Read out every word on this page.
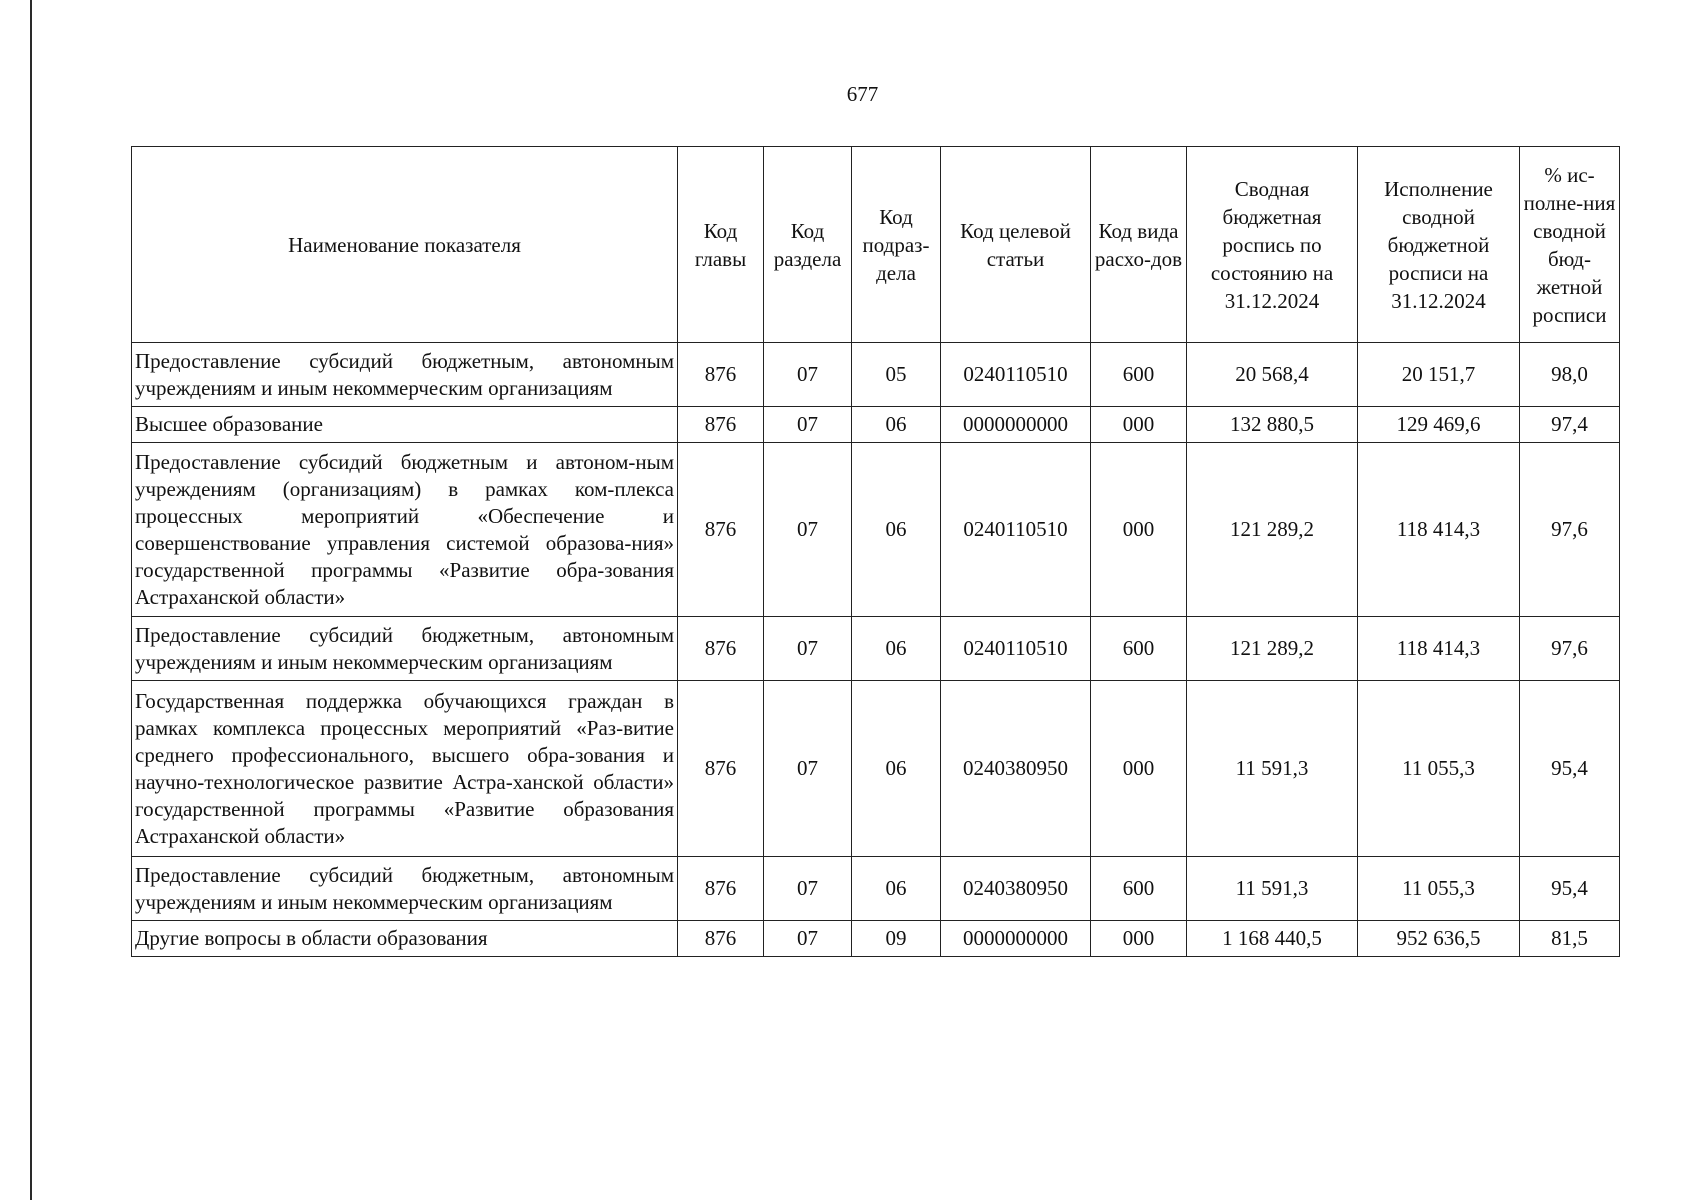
677
Наименование показателя	Код главы	Код раздела	Код подраз-дела	Код целевой статьи	Код вида расхо-дов	Сводная бюджетная роспись по состоянию на 31.12.2024	Исполнение сводной бюджетной росписи на 31.12.2024	% ис-полне-ния сводной бюд-жетной росписи
Предоставление субсидий бюджетным, автономным учреждениям и иным некоммерческим организациям	876	07	05	0240110510	600	20 568,4	20 151,7	98,0
Высшее образование	876	07	06	0000000000	000	132 880,5	129 469,6	97,4
Предоставление субсидий бюджетным и автоном-ным учреждениям (организациям) в рамках ком-плекса процессных мероприятий «Обеспечение и совершенствование управления системой образова-ния» государственной программы «Развитие обра-зования Астраханской области»	876	07	06	0240110510	000	121 289,2	118 414,3	97,6
Предоставление субсидий бюджетным, автономным учреждениям и иным некоммерческим организациям	876	07	06	0240110510	600	121 289,2	118 414,3	97,6
Государственная поддержка обучающихся граждан в рамках комплекса процессных мероприятий «Раз-витие среднего профессионального, высшего обра-зования и научно-технологическое развитие Астра-ханской области» государственной программы «Развитие образования Астраханской области»	876	07	06	0240380950	000	11 591,3	11 055,3	95,4
Предоставление субсидий бюджетным, автономным учреждениям и иным некоммерческим организациям	876	07	06	0240380950	600	11 591,3	11 055,3	95,4
Другие вопросы в области образования	876	07	09	0000000000	000	1 168 440,5	952 636,5	81,5
